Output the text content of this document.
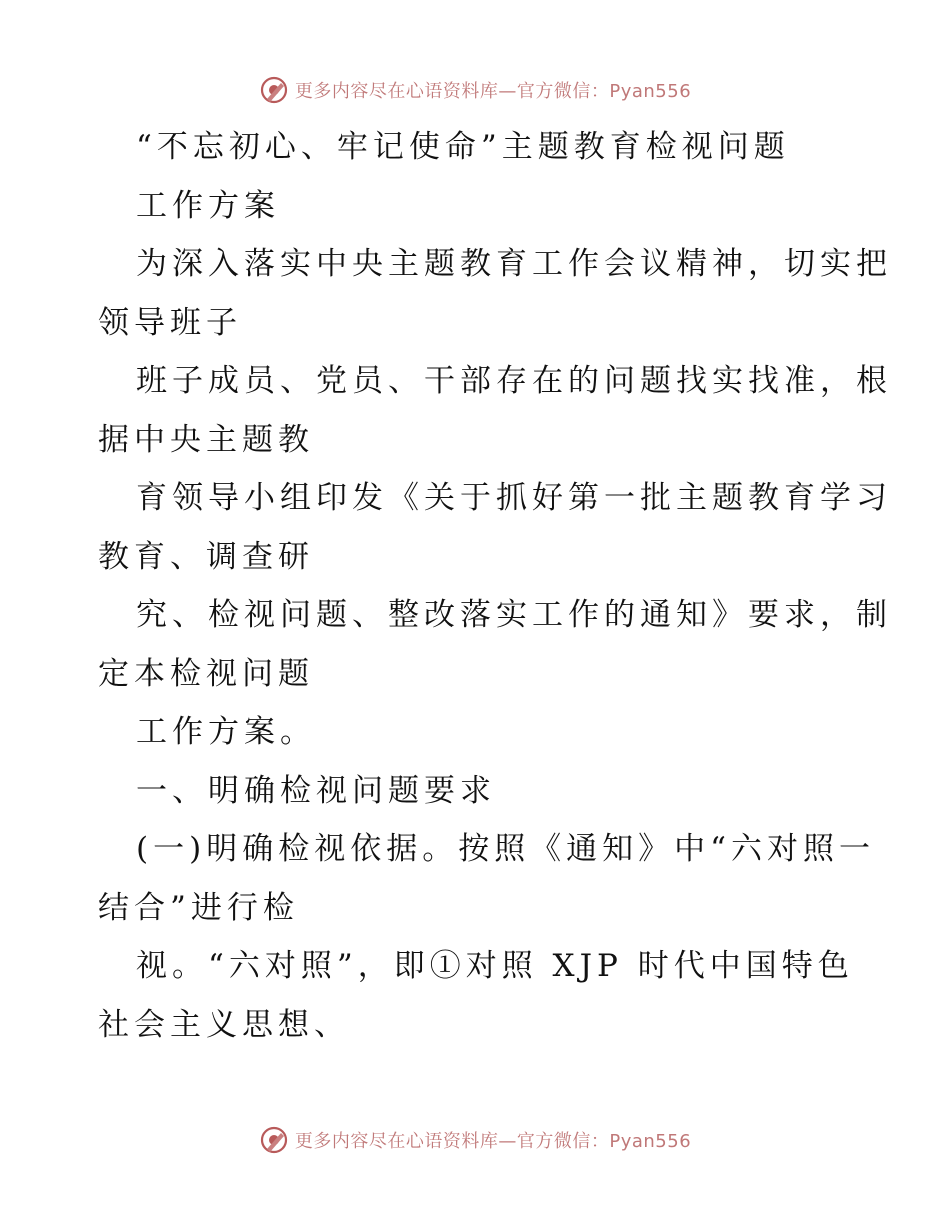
更多内容尽在心语资料库—官方微信：Pyan556
“不忘初心、牢记使命”主题教育检视问题
工作方案
为深入落实中央主题教育工作会议精神，切实把
领导班子
班子成员、党员、干部存在的问题找实找准，根
据中央主题教
育领导小组印发《关于抓好第一批主题教育学习
教育、调查研
究、检视问题、整改落实工作的通知》要求，制
定本检视问题
工作方案。
一、明确检视问题要求
(一)明确检视依据。按照《通知》中“六对照一
结合”进行检
视。“六对照”，即①对照 XJP 时代中国特色
社会主义思想、
更多内容尽在心语资料库—官方微信：Pyan556
